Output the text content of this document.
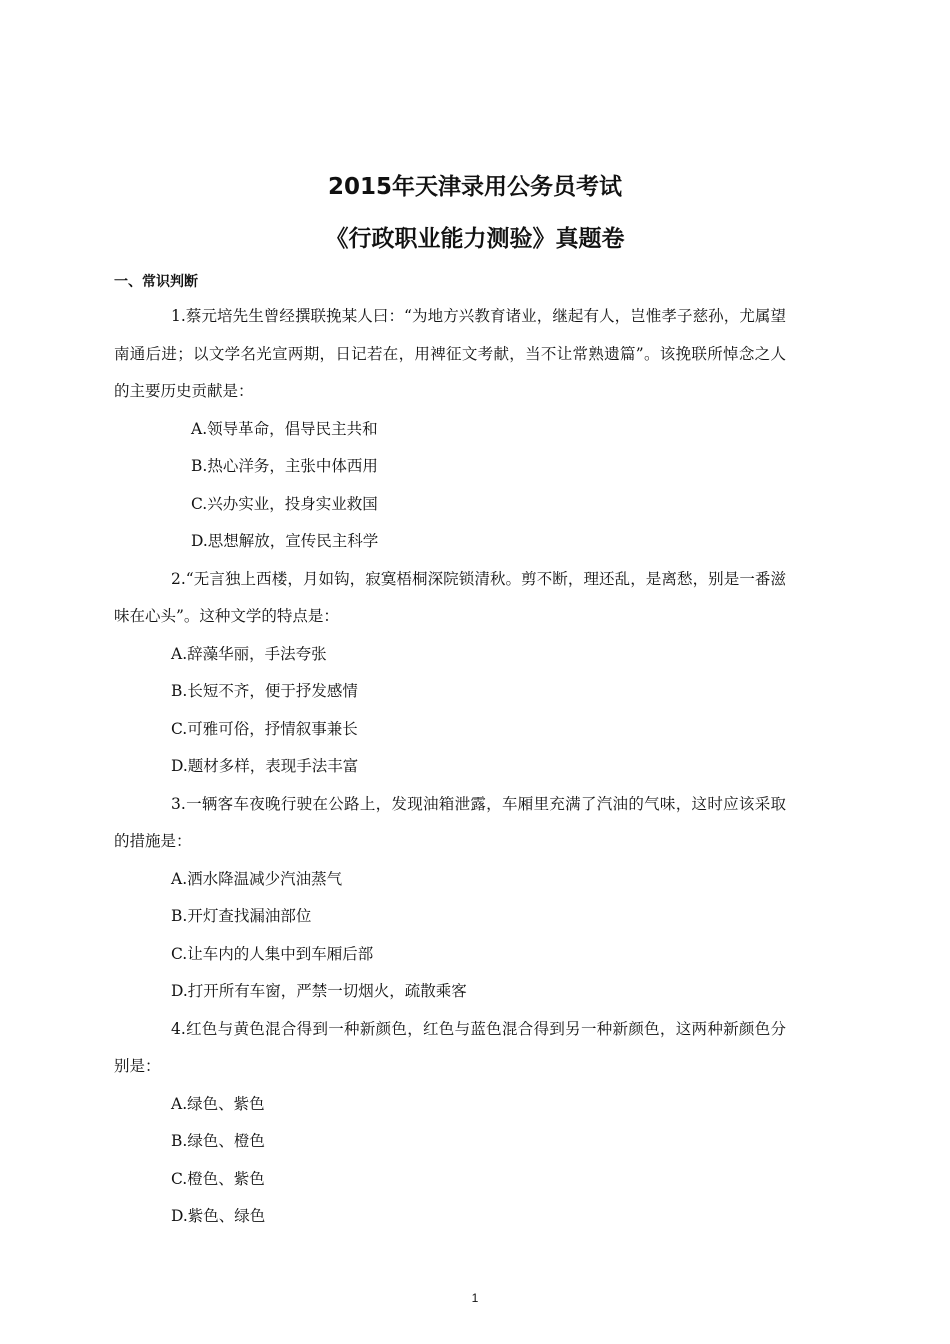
2015年天津录用公务员考试
《行政职业能力测验》真题卷
一、常识判断

1.蔡元培先生曾经撰联挽某人曰：“为地方兴教育诸业，继起有人，岂惟孝子慈孙，尤属望南通后进；以文学名光宣两期，日记若在，用裨征文考献，当不让常熟遗篇”。该挽联所悼念之人的主要历史贡献是：

A.领导革命，倡导民主共和
B.热心洋务，主张中体西用
C.兴办实业，投身实业救国
D.思想解放，宣传民主科学

2.“无言独上西楼，月如钩，寂寞梧桐深院锁清秋。剪不断，理还乱，是离愁，别是一番滋味在心头”。这种文学的特点是：

A.辞藻华丽，手法夸张
B.长短不齐，便于抒发感情
C.可雅可俗，抒情叙事兼长
D.题材多样，表现手法丰富

3.一辆客车夜晚行驶在公路上，发现油箱泄露，车厢里充满了汽油的气味，这时应该采取的措施是：

A.洒水降温减少汽油蒸气
B.开灯查找漏油部位
C.让车内的人集中到车厢后部
D.打开所有车窗，严禁一切烟火，疏散乘客

4.红色与黄色混合得到一种新颜色，红色与蓝色混合得到另一种新颜色，这两种新颜色分别是：

A.绿色、紫色
B.绿色、橙色
C.橙色、紫色
D.紫色、绿色
1
